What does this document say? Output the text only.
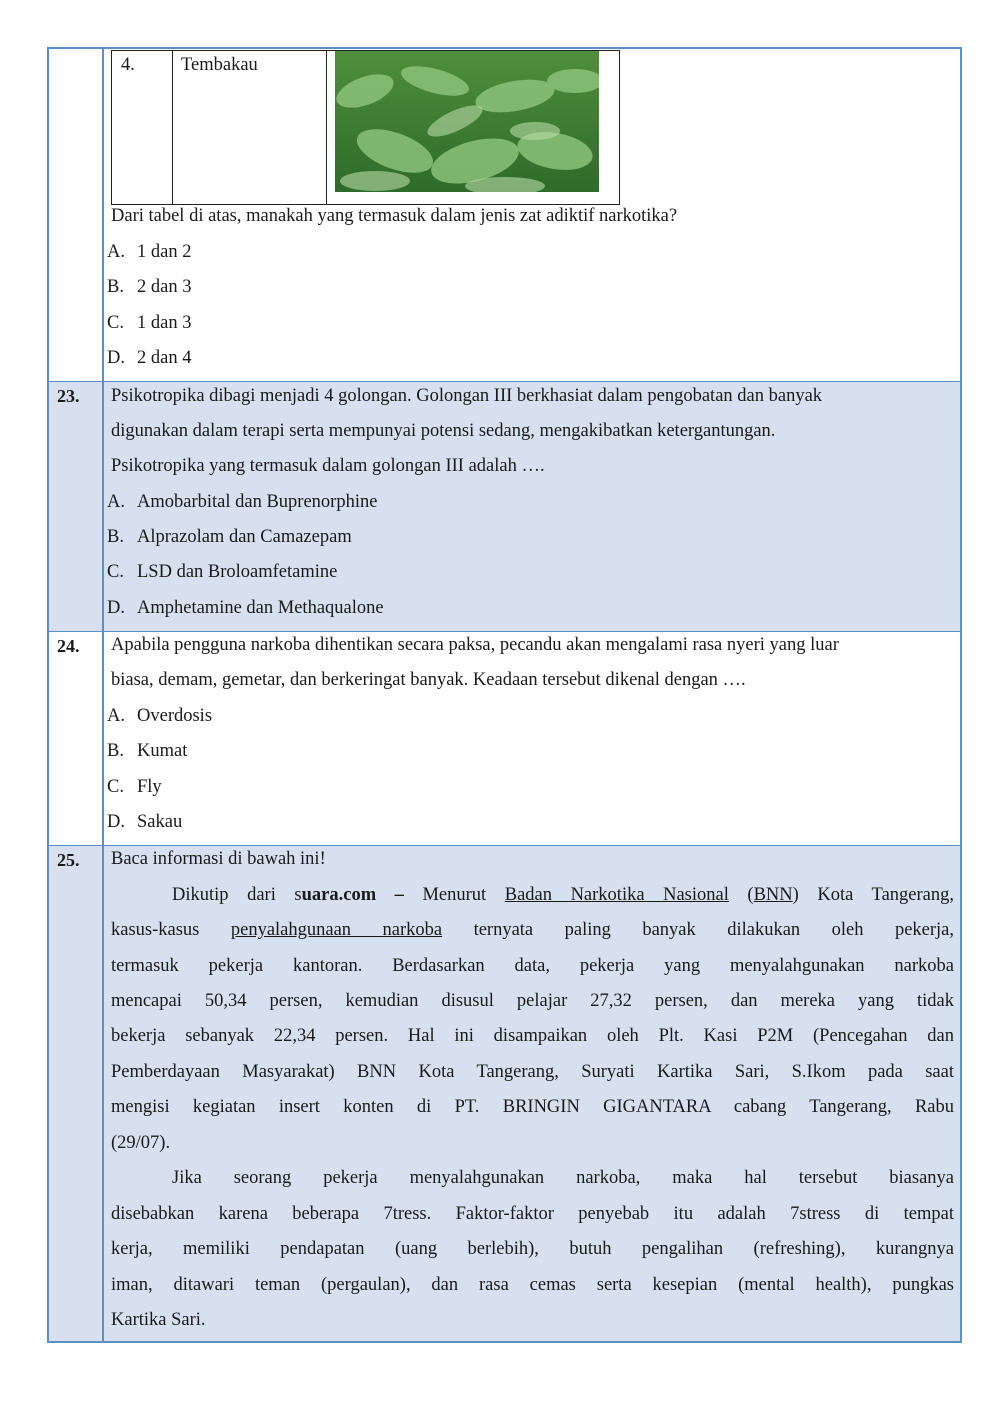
4. Tembakau
Dari tabel di atas, manakah yang termasuk dalam jenis zat adiktif narkotika?
A. 1 dan 2
B. 2 dan 3
C. 1 dan 3
D. 2 dan 4
23. Psikotropika dibagi menjadi 4 golongan. Golongan III berkhasiat dalam pengobatan dan banyak
digunakan dalam terapi serta mempunyai potensi sedang, mengakibatkan ketergantungan.
Psikotropika yang termasuk dalam golongan III adalah ….
A. Amobarbital dan Buprenorphine
B. Alprazolam dan Camazepam
C. LSD dan Broloamfetamine
D. Amphetamine dan Methaqualone
24. Apabila pengguna narkoba dihentikan secara paksa, pecandu akan mengalami rasa nyeri yang luar
biasa, demam, gemetar, dan berkeringat banyak. Keadaan tersebut dikenal dengan ….
A. Overdosis
B. Kumat
C. Fly
D. Sakau
25. Baca informasi di bawah ini!
Dikutip dari suara.com – Menurut Badan Narkotika Nasional (BNN) Kota Tangerang,
kasus-kasus penyalahgunaan narkoba ternyata paling banyak dilakukan oleh pekerja,
termasuk pekerja kantoran. Berdasarkan data, pekerja yang menyalahgunakan narkoba
mencapai 50,34 persen, kemudian disusul pelajar 27,32 persen, dan mereka yang tidak
bekerja sebanyak 22,34 persen. Hal ini disampaikan oleh Plt. Kasi P2M (Pencegahan dan
Pemberdayaan Masyarakat) BNN Kota Tangerang, Suryati Kartika Sari, S.Ikom pada saat
mengisi kegiatan insert konten di PT. BRINGIN GIGANTARA cabang Tangerang, Rabu
(29/07).
Jika seorang pekerja menyalahgunakan narkoba, maka hal tersebut biasanya
disebabkan karena beberapa 7tress. Faktor-faktor penyebab itu adalah 7stress di tempat
kerja, memiliki pendapatan (uang berlebih), butuh pengalihan (refreshing), kurangnya
iman, ditawari teman (pergaulan), dan rasa cemas serta kesepian (mental health), pungkas
Kartika Sari.
